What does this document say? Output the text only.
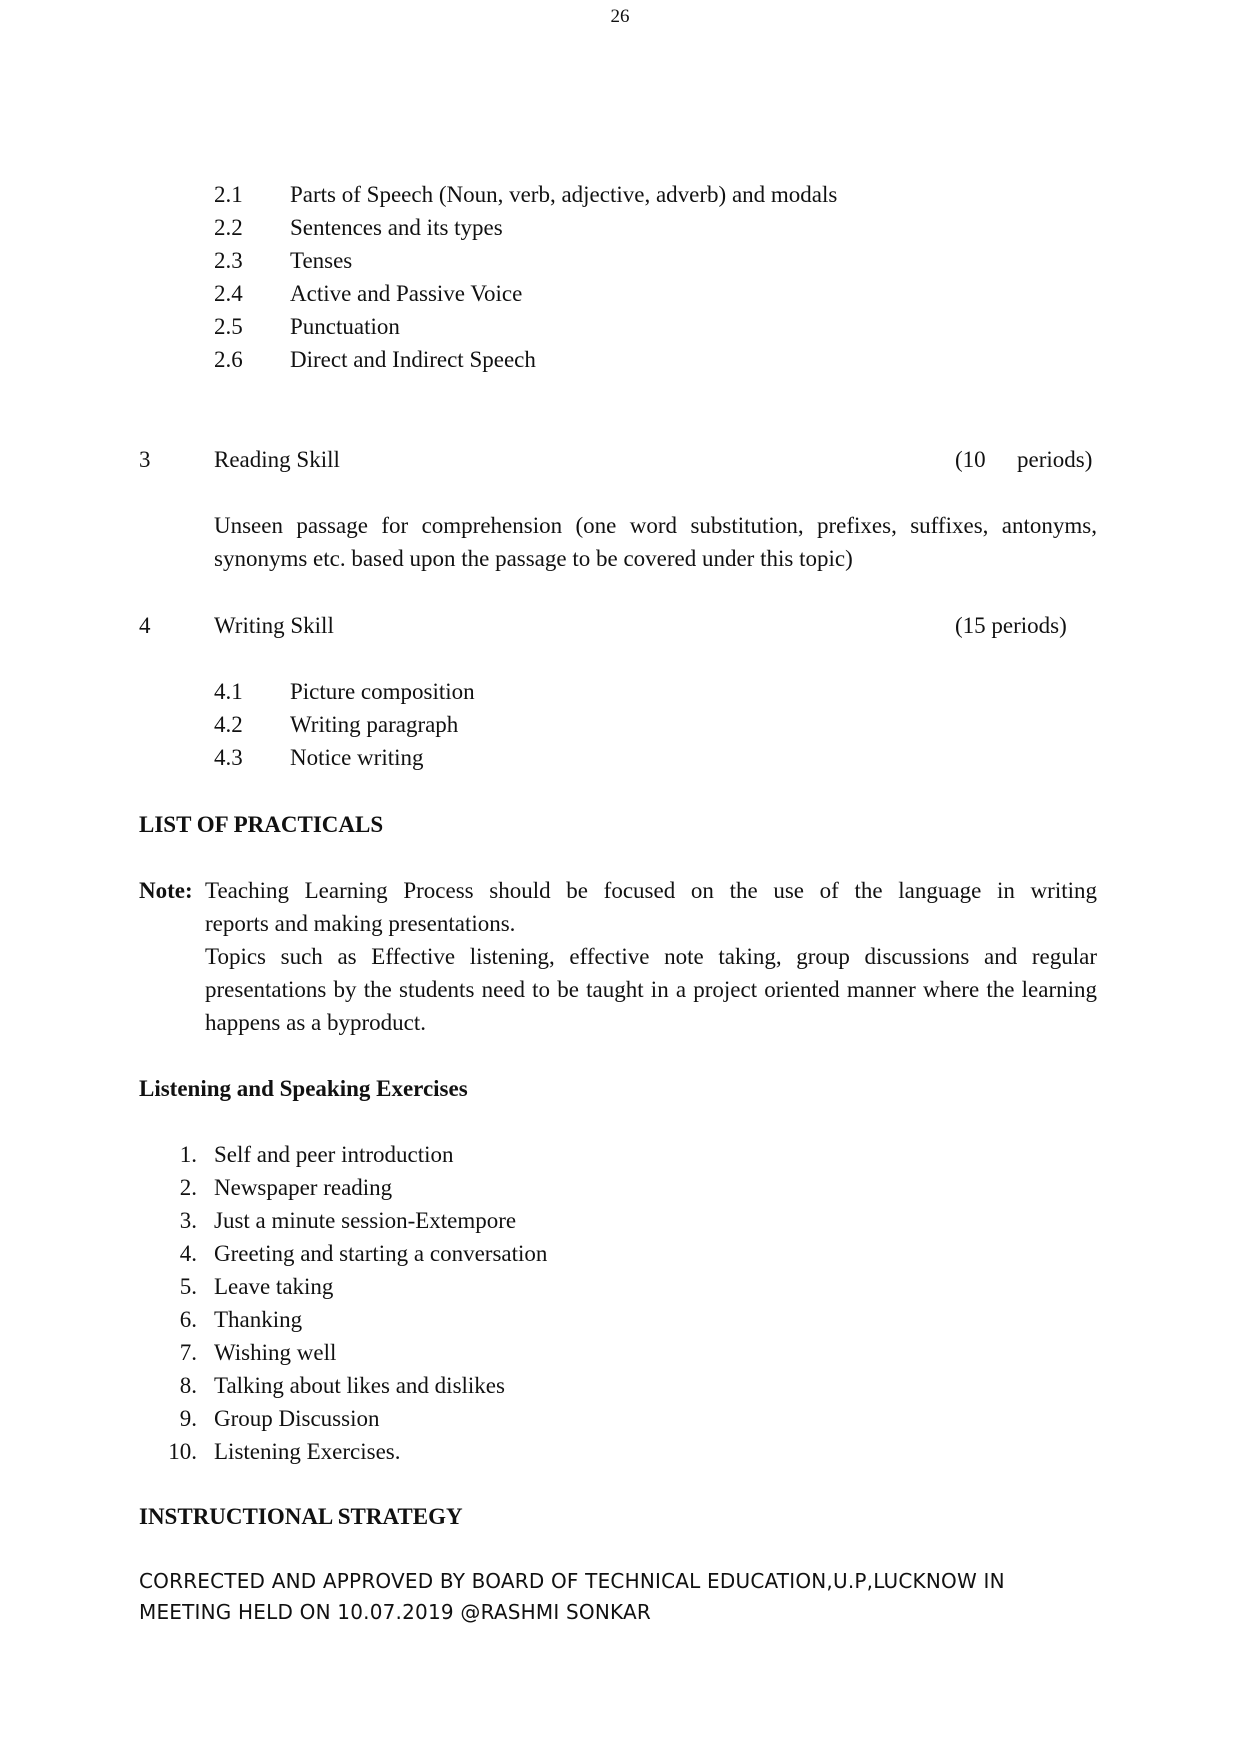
26
2.1 Parts of Speech (Noun, verb, adjective, adverb) and modals
2.2 Sentences and its types
2.3 Tenses
2.4 Active and Passive Voice
2.5 Punctuation
2.6 Direct and Indirect Speech
3	Reading Skill	(10 periods)
Unseen passage for comprehension (one word substitution, prefixes, suffixes, antonyms, synonyms etc. based upon the passage to be covered under this topic)
4	Writing Skill	(15 periods)
4.1 Picture composition
4.2 Writing paragraph
4.3 Notice writing
LIST OF PRACTICALS
Note: Teaching Learning Process should be focused on the use of the language in writing
reports and making presentations.
Topics such as Effective listening, effective note taking, group discussions and regular presentations by the students need to be taught in a project oriented manner where the learning happens as a byproduct.
Listening and Speaking Exercises
1. Self and peer introduction
2. Newspaper reading
3. Just a minute session-Extempore
4. Greeting and starting a conversation
5. Leave taking
6. Thanking
7. Wishing well
8. Talking about likes and dislikes
9. Group Discussion
10. Listening Exercises.
INSTRUCTIONAL STRATEGY
CORRECTED AND APPROVED BY BOARD OF TECHNICAL EDUCATION,U.P,LUCKNOW IN
MEETING HELD ON 10.07.2019 @RASHMI SONKAR
